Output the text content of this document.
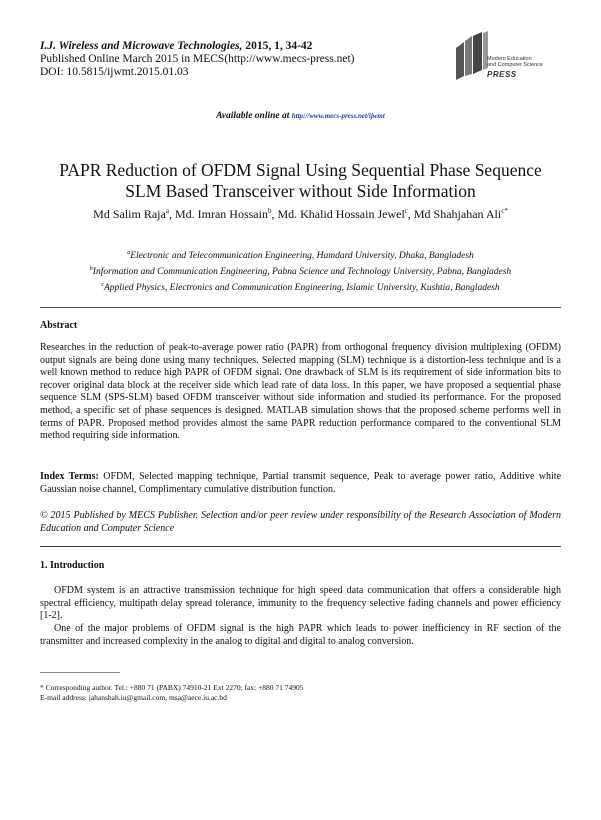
I.J. Wireless and Microwave Technologies, 2015, 1, 34-42
Published Online March 2015 in MECS(http://www.mecs-press.net)
DOI: 10.5815/ijwmt.2015.01.03
Modern Education
and Computer Science
PRESS
Available online at http://www.mecs-press.net/ijwmt
PAPR Reduction of OFDM Signal Using Sequential Phase Sequence
SLM Based Transceiver without Side Information
Md Salim Raja$^a$, Md. Imran Hossain$^b$, Md. Khalid Hossain Jewel$^c$, Md Shahjahan Ali$^{c*}$
$^a$Electronic and Telecommunication Engineering, Hamdard University, Dhaka, Bangladesh
$^b$Information and Communication Engineering, Pabna Science and Technology University, Pabna, Bangladesh
$^c$Applied Physics, Electronics and Communication Engineering, Islamic University, Kushtia, Bangladesh
Abstract
Researches in the reduction of peak-to-average power ratio (PAPR) from orthogonal frequency division multiplexing (OFDM) output signals are being done using many techniques. Selected mapping (SLM) technique is a distortion-less technique and is a well known method to reduce high PAPR of OFDM signal. One drawback of SLM is its requirement of side information bits to recover original data block at the receiver side which lead rate of data loss. In this paper, we have proposed a sequential phase sequence SLM (SPS-SLM) based OFDM transceiver without side information and studied its performance. For the proposed method, a specific set of phase sequences is designed. MATLAB simulation shows that the proposed scheme performs well in terms of PAPR. Proposed method provides almost the same PAPR reduction performance compared to the conventional SLM method requiring side information.
Index Terms: OFDM, Selected mapping technique, Partial transmit sequence, Peak to average power ratio, Additive white Gaussian noise channel, Complimentary cumulative distribution function.
© 2015 Published by MECS Publisher. Selection and/or peer review under responsibility of the Research Association of Modern Education and Computer Science
1. Introduction
OFDM system is an attractive transmission technique for high speed data communication that offers a considerable high spectral efficiency, multipath delay spread tolerance, immunity to the frequency selective fading channels and power efficiency [1-2].
One of the major problems of OFDM signal is the high PAPR which leads to power inefficiency in RF section of the transmitter and increased complexity in the analog to digital and digital to analog conversion.
* Corresponding author. Tel.: +880 71 (PABX) 74910-21 Ext 2270; fax: +880 71 74905
E-mail address: jahanshah.iu@gmail.com, msa@aece.iu.ac.bd
